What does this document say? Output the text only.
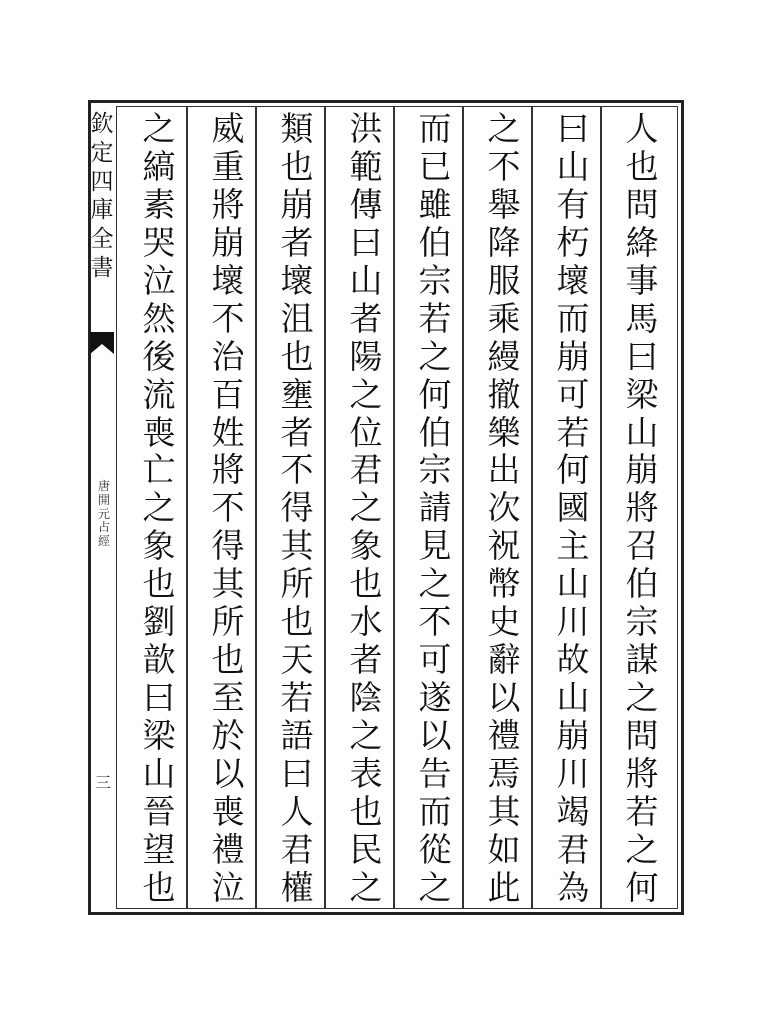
欽
定
四
庫
全
書
唐
開
元
占
經
三
人
也
問
絳
事
馬
曰
梁
山
崩
將
召
伯
宗
謀
之
問
將
若
之
何
曰
山
有
朽
壞
而
崩
可
若
何
國
主
山
川
故
山
崩
川
竭
君
為
之
不
舉
降
服
乘
縵
撤
樂
出
次
祝
幣
史
辭
以
禮
焉
其
如
此
而
已
雖
伯
宗
若
之
何
伯
宗
請
見
之
不
可
遂
以
告
而
從
之
洪
範
傳
曰
山
者
陽
之
位
君
之
象
也
水
者
陰
之
表
也
民
之
類
也
崩
者
壞
沮
也
壅
者
不
得
其
所
也
天
若
語
曰
人
君
權
威
重
將
崩
壞
不
治
百
姓
將
不
得
其
所
也
至
於
以
喪
禮
泣
之
縞
素
哭
泣
然
後
流
喪
亡
之
象
也
劉
歆
曰
梁
山
晉
望
也
